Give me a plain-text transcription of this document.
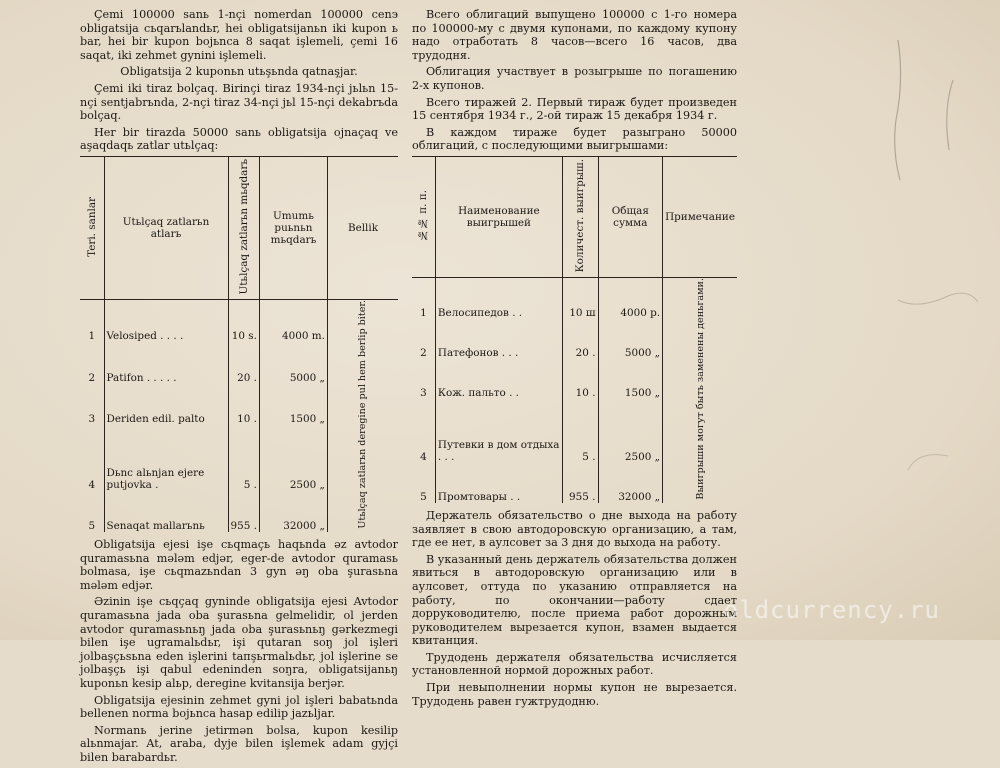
Çemi 100000 sanь 1-nçi nomerdan 100000 cenэ obligatsija cьqarьlandьr, hei obligatsijanьn iki kupon ь bar, hei bir kupon bojьnca 8 saqat işlemeli, çemi 16 saqat, iki zehmet gynini işlemeli.

Obligatsija 2 kuponьn utьşьnda qatnaşjar.

Çemi iki tiraz bolçaq. Birinçi tiraz 1934-nçi jьlьn 15-nçi sentjabrьnda, 2-nçi tiraz 34-nçi jьl 15-nçi dekabrьda bolçaq.

Her bir tirazda 50000 sanь obligatsija ojnaçaq ve aşaqdaqь zatlar utьlçaq:

Teri. sanlar	Utьlçaq zatlarьn atlarь	Utьlçaq zatlarьn mьqdarь	Umumь puьnьn mьqdarь	Bellik
1	Velosiped . . . .	10 s.	4000 m.	Utьlçaq zatlarьn deregine pul hem berlip biter.
2	Patifon . . . . .	20 .	5000 „	
3	Deriden edil. palto	10 .	1500 „	
4	Dьnc alьnjan ejere putjovka .	5 .	2500 „	
5	Senaqat mallarьnь	955 .	32000 „	

Obligatsija ejesi işe cьqmaçь haqьnda əz avtodor quramasьna mələm edjər, eger-de avtodor quramasь bolmasa, işe cьqmazьndan 3 gyn əŋ oba şurasьna mələm edjər.

Əzinin işe cьqçaq gyninde obligatsija ejesi Avtodor quramasьna jada oba şurasьna gelmelidir, ol jerden avtodor quramasьnьŋ jada oba şurasьnьŋ gərkezmegi bilen işe ugramalьdьr, işi qutaran soŋ jol işleri jolbaşçьsьna eden işlerini taпşьrmalьdьr, jol işlerine se jolbaşçь işi qabul edeninden soŋra, obligatsijanьŋ kuponьn kesip alьp, deregine kvitansija berjər.

Obligatsija ejesinin zehmet gyni jol işleri babatьnda bellenen norma bojьnca hasap edilip jazьljar.

Normanь jerine jetirmən bolsa, kupon kesilip alьnmajar. At, araba, dyje bilen işlemek adam gyjçi bilen barabardьr.

Всего облигаций выпущено 100000 с 1-го номера по 100000-му с двумя купонами, по каждому купону надо отработать 8 часов—всего 16 часов, два трудодня.

Облигация участвует в розыгрыше по погашению 2-х купонов.

Всего тиражей 2. Первый тираж будет произведен 15 сентября 1934 г., 2-ой тираж 15 декабря 1934 г.

В каждом тираже будет разыграно 50000 облигаций, с последующими выигрышами:

№№ п. п.	Наименование выигрышей	Количест. выигрыш.	Общая сумма	Примечание
1	Велосипедов . .	10 ш	4000 р.	Выигрыши могут быть заменены деньгами.
2	Патефонов . . .	20 .	5000 „	
3	Кож. пальто . .	10 .	1500 „	
4	Путевки в дом отдыха . . .	5 .	2500 „	
5	Промтовары . .	955 .	32000 „	

Держатель обязательство о дне выхода на работу заявляет в свою автодоровскую организацию, а там, где ее нет, в аулсовет за 3 дня до выхода на работу.

В указанный день держатель обязательства должен явиться в автодоровскую организацию или в аулсовет, оттуда по указанию отправляется на работу, по окончании—работу сдает дорруководителю, после приема работ дорожным руководителем вырезается купон, взамен выдается квитанция.

Трудодень держателя обязательства исчисляется установленной нормой дорожных работ.

При невыполнении нормы купон не вырезается. Трудодень равен гужтрудодню.

oldcurrency.ru
